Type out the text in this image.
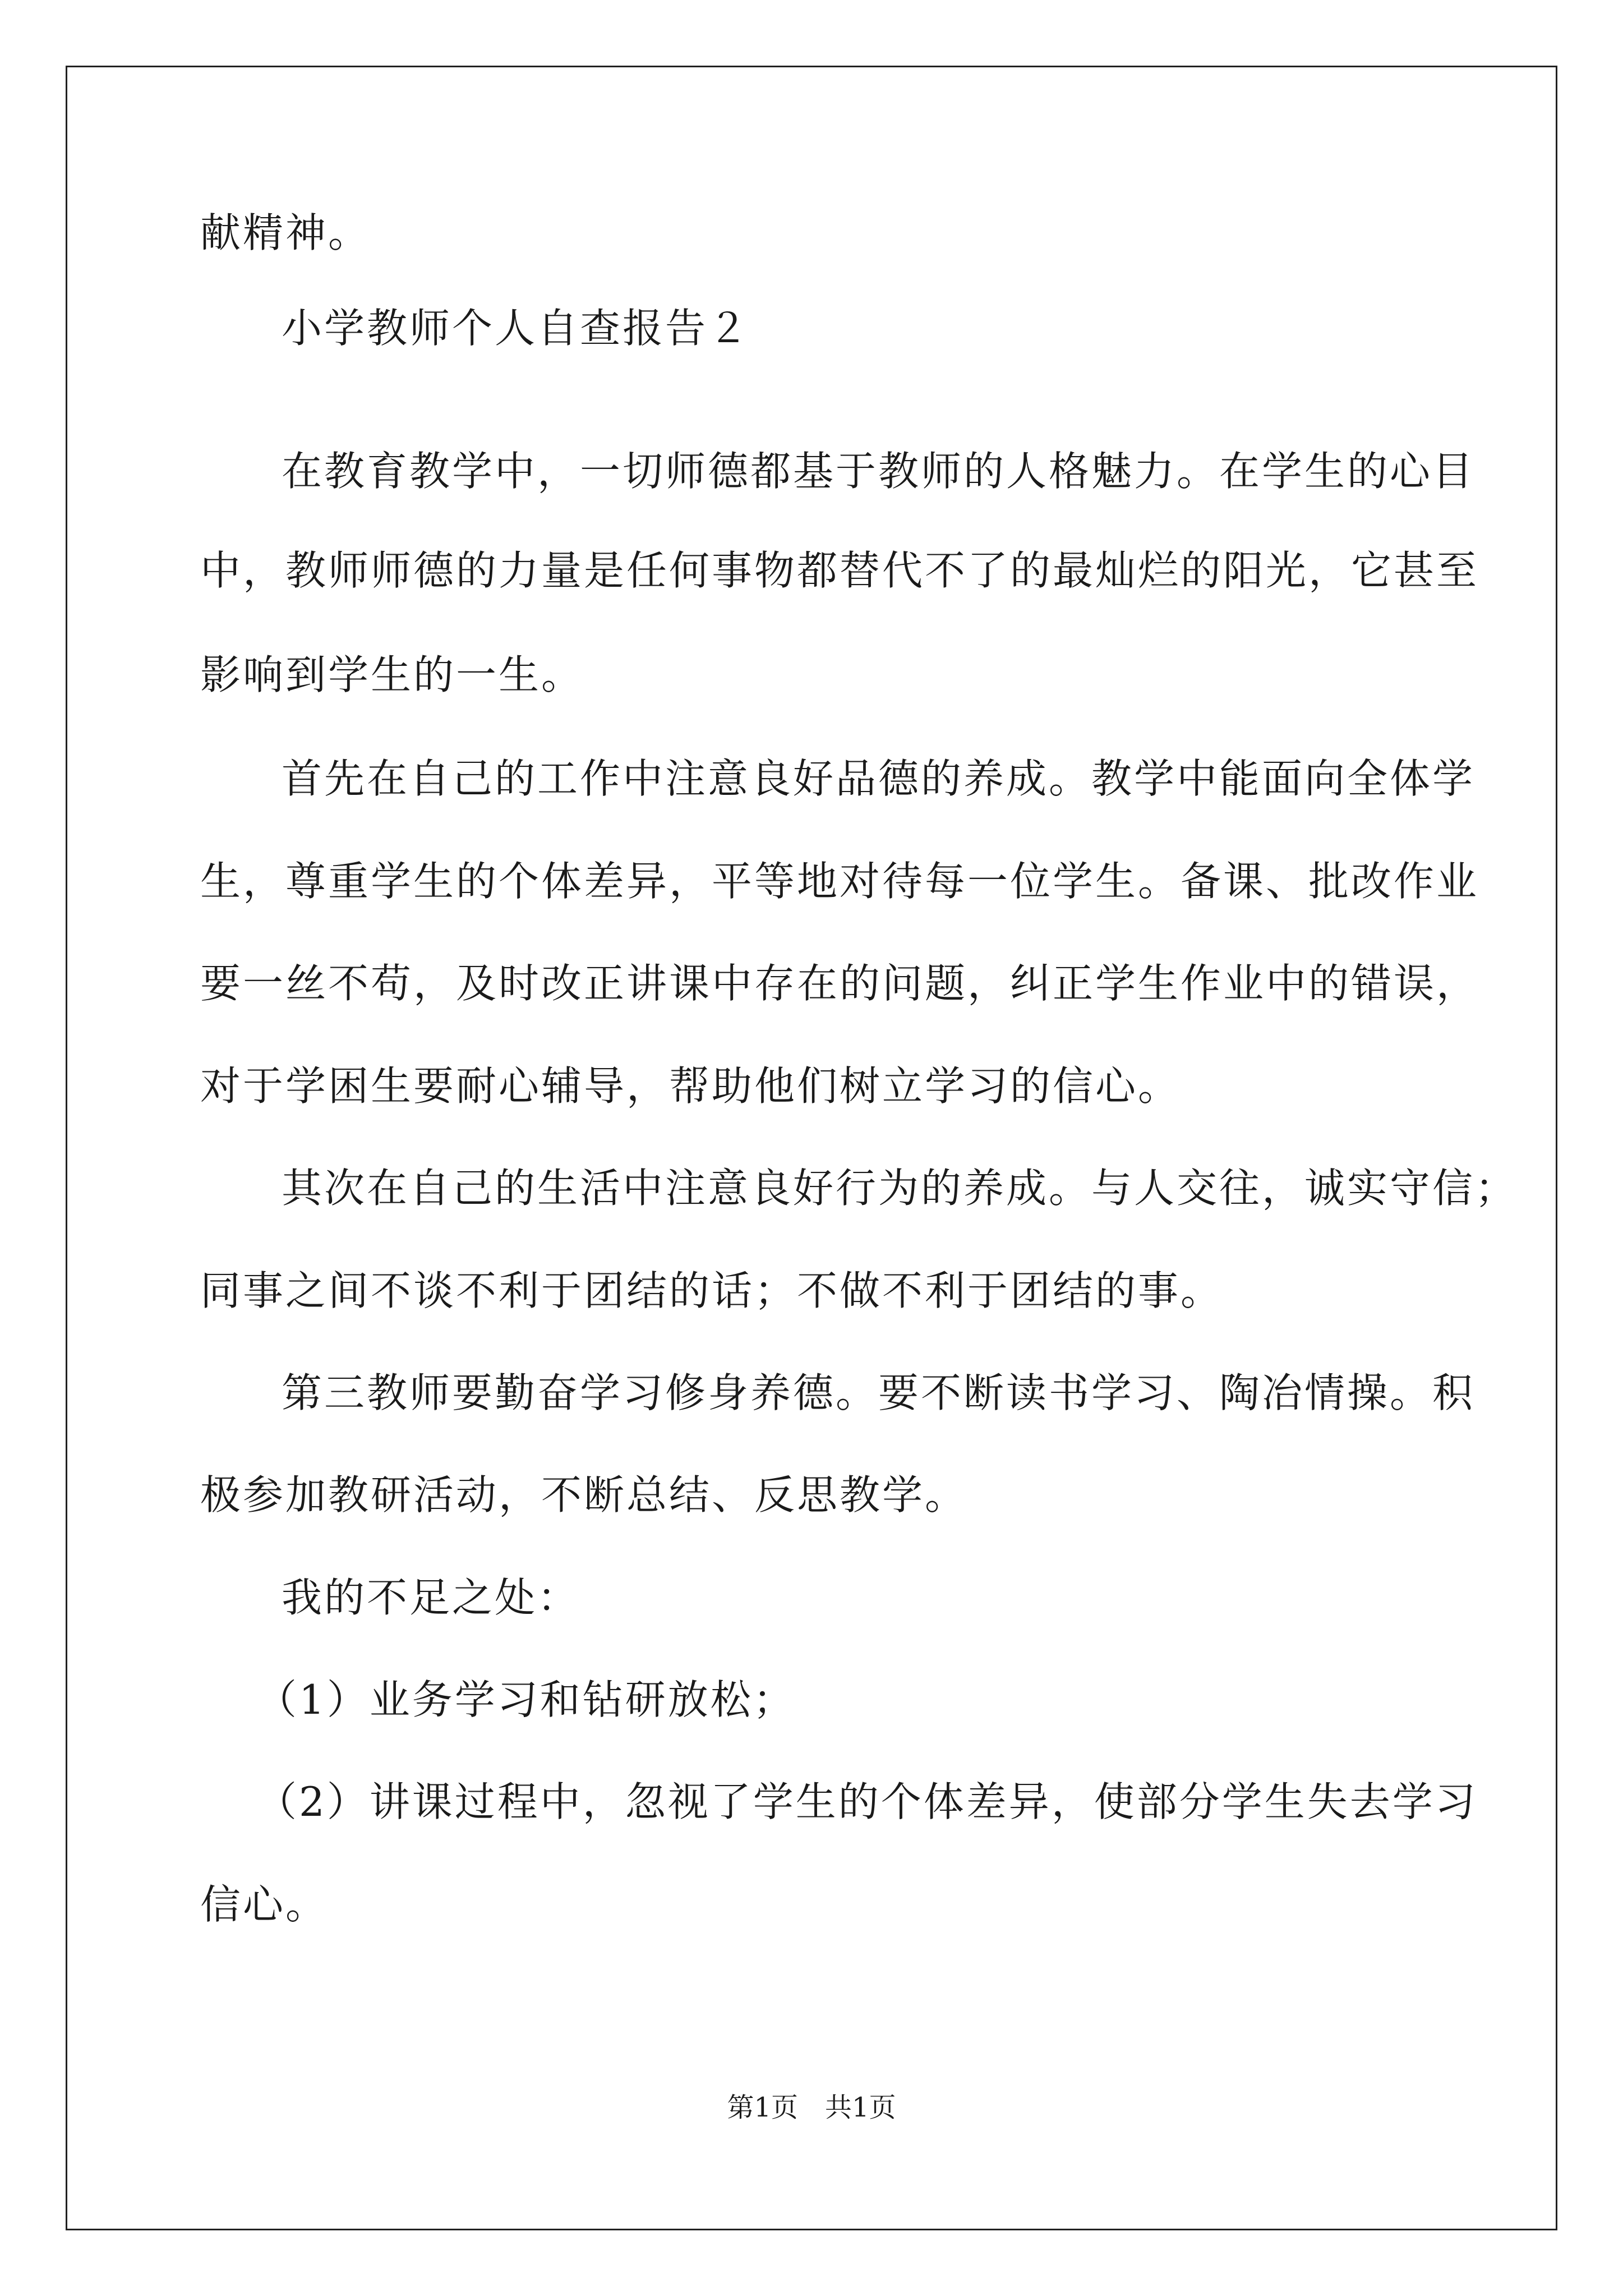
献精神。
小学教师个人自查报告２
在教育教学中，一切师德都基于教师的人格魅力。在学生的心目
中，教师师德的力量是任何事物都替代不了的最灿烂的阳光，它甚至
影响到学生的一生。
首先在自己的工作中注意良好品德的养成。教学中能面向全体学
生，尊重学生的个体差异，平等地对待每一位学生。备课、批改作业
要一丝不苟，及时改正讲课中存在的问题，纠正学生作业中的错误，
对于学困生要耐心辅导，帮助他们树立学习的信心。
其次在自己的生活中注意良好行为的养成。与人交往，诚实守信；
同事之间不谈不利于团结的话；不做不利于团结的事。
第三教师要勤奋学习修身养德。要不断读书学习、陶冶情操。积
极参加教研活动，不断总结、反思教学。
我的不足之处：
（1）业务学习和钻研放松；
（2）讲课过程中，忽视了学生的个体差异，使部分学生失去学习
信心。
第1页　共1页
